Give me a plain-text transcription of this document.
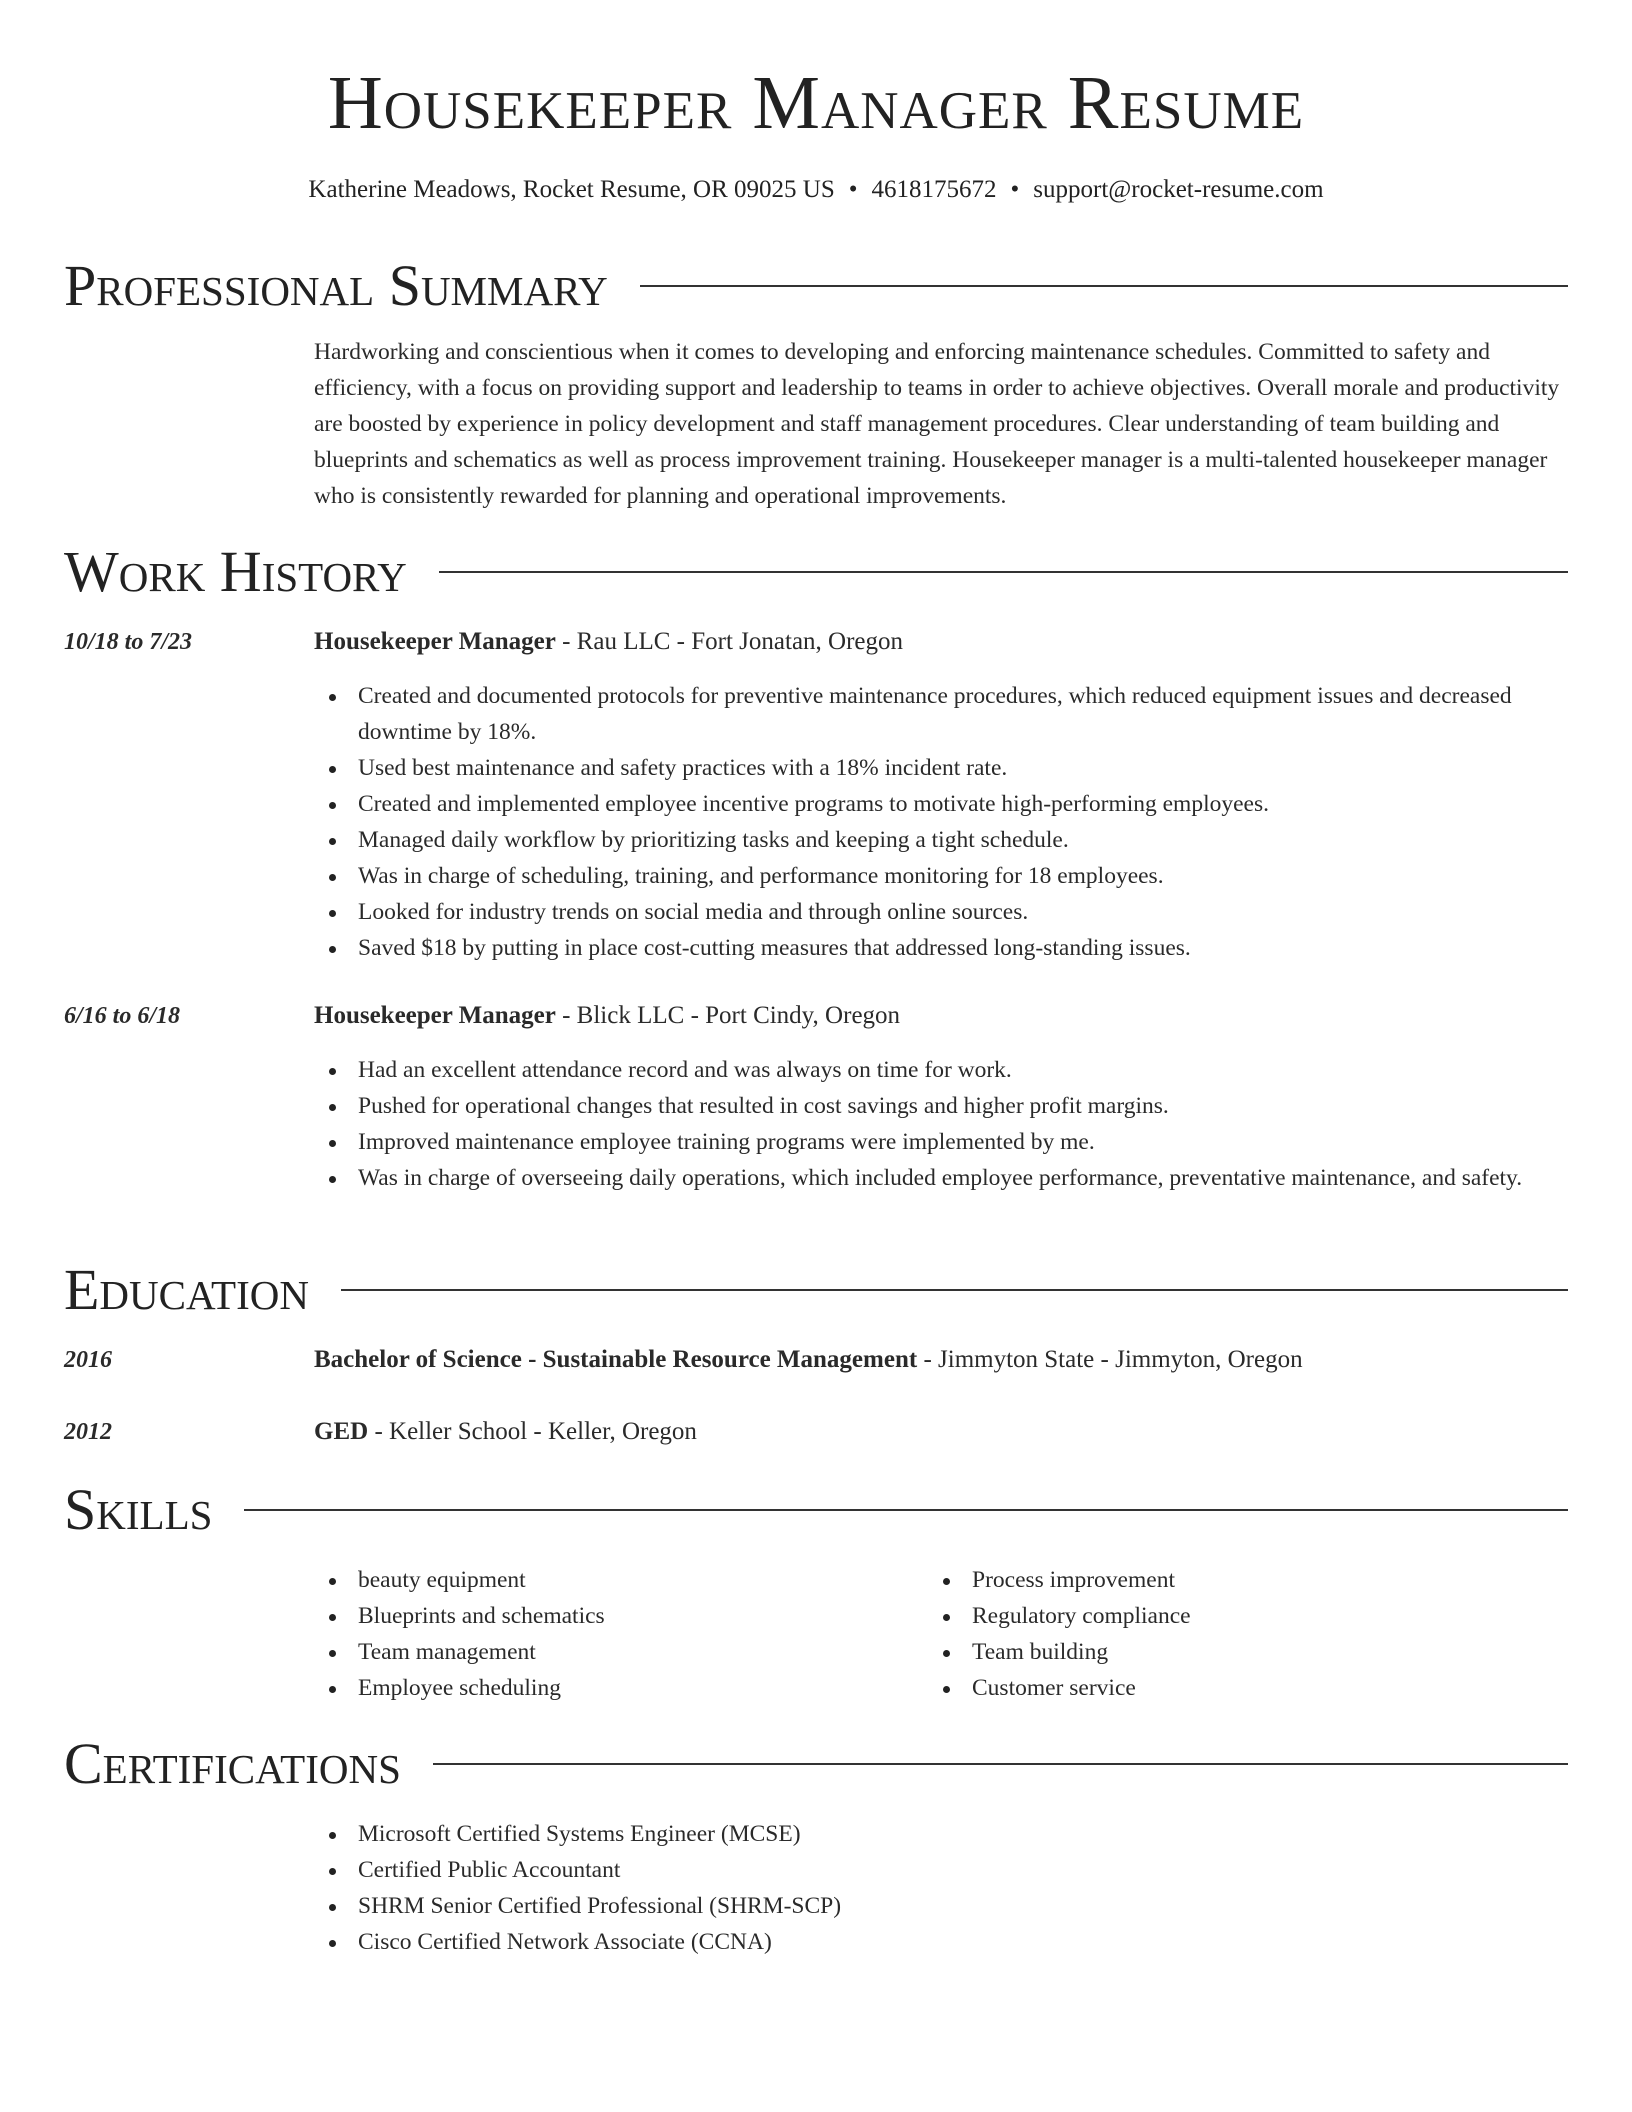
Housekeeper Manager Resume
Katherine Meadows, Rocket Resume, OR 09025 US • 4618175672 • support@rocket-resume.com
Professional Summary
Hardworking and conscientious when it comes to developing and enforcing maintenance schedules. Committed to safety and efficiency, with a focus on providing support and leadership to teams in order to achieve objectives. Overall morale and productivity are boosted by experience in policy development and staff management procedures. Clear understanding of team building and blueprints and schematics as well as process improvement training. Housekeeper manager is a multi-talented housekeeper manager who is consistently rewarded for planning and operational improvements.
Work History
10/18 to 7/23	Housekeeper Manager - Rau LLC - Fort Jonatan, Oregon
Created and documented protocols for preventive maintenance procedures, which reduced equipment issues and decreased downtime by 18%.
Used best maintenance and safety practices with a 18% incident rate.
Created and implemented employee incentive programs to motivate high-performing employees.
Managed daily workflow by prioritizing tasks and keeping a tight schedule.
Was in charge of scheduling, training, and performance monitoring for 18 employees.
Looked for industry trends on social media and through online sources.
Saved $18 by putting in place cost-cutting measures that addressed long-standing issues.
6/16 to 6/18	Housekeeper Manager - Blick LLC - Port Cindy, Oregon
Had an excellent attendance record and was always on time for work.
Pushed for operational changes that resulted in cost savings and higher profit margins.
Improved maintenance employee training programs were implemented by me.
Was in charge of overseeing daily operations, which included employee performance, preventative maintenance, and safety.
Education
2016	Bachelor of Science - Sustainable Resource Management - Jimmyton State - Jimmyton, Oregon
2012	GED - Keller School - Keller, Oregon
Skills
beauty equipment
Blueprints and schematics
Team management
Employee scheduling
Process improvement
Regulatory compliance
Team building
Customer service
Certifications
Microsoft Certified Systems Engineer (MCSE)
Certified Public Accountant
SHRM Senior Certified Professional (SHRM-SCP)
Cisco Certified Network Associate (CCNA)
